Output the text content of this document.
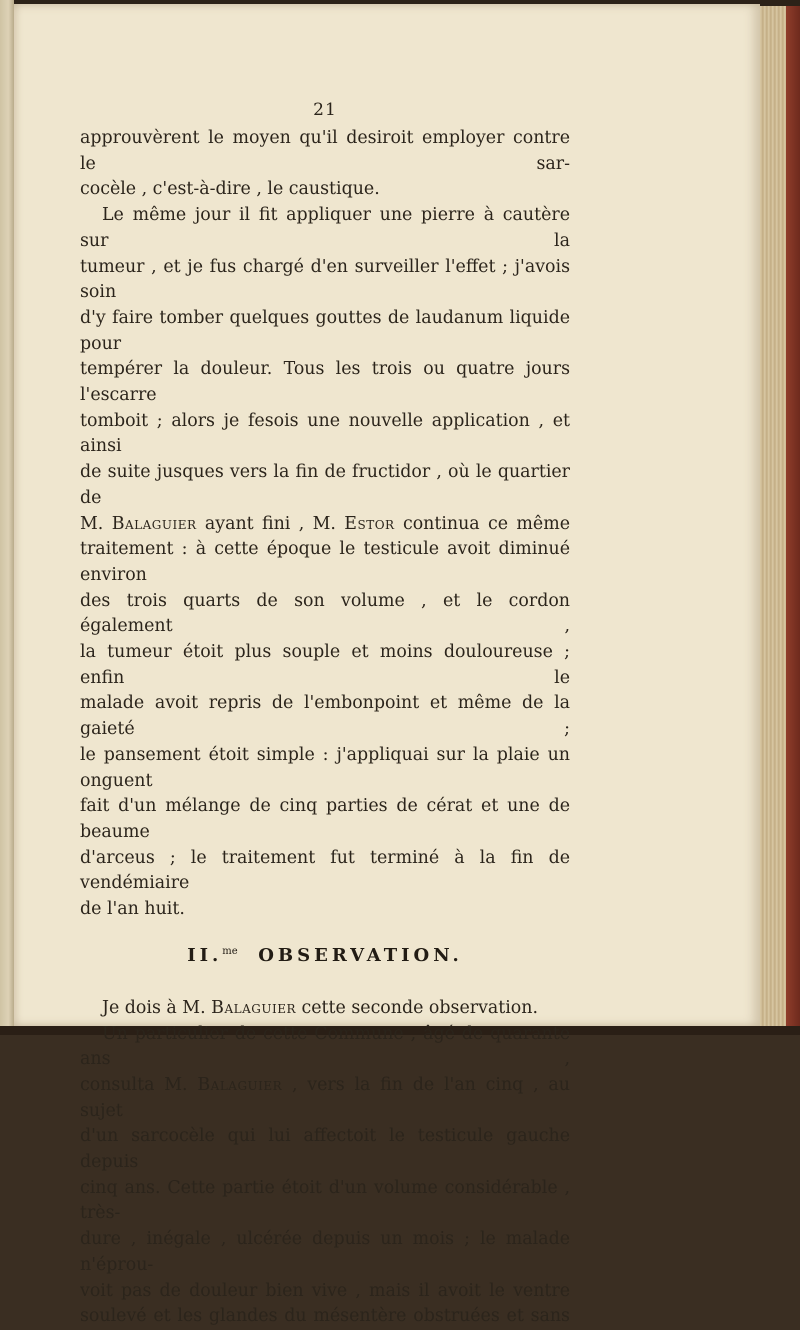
21

approuvèrent le moyen qu'il desiroit employer contre le sar-

cocèle , c'est-à-dire , le caustique.

Le même jour il fit appliquer une pierre à cautère sur la

tumeur , et je fus chargé d'en surveiller l'effet ; j'avois soin

d'y faire tomber quelques gouttes de laudanum liquide pour

tempérer la douleur. Tous les trois ou quatre jours l'escarre

tomboit ; alors je fesois une nouvelle application , et ainsi

de suite jusques vers la fin de fructidor , où le quartier de

M. Balaguier ayant fini , M. Estor continua ce même

traitement : à cette époque le testicule avoit diminué environ

des trois quarts de son volume , et le cordon également ,

la tumeur étoit plus souple et moins douloureuse ; enfin le

malade avoit repris de l'embonpoint et même de la gaieté ;

le pansement étoit simple : j'appliquai sur la plaie un onguent

fait d'un mélange de cinq parties de cérat et une de beaume

d'arceus ; le traitement fut terminé à la fin de vendémiaire

de l'an huit.

II.$^{me}$ OBSERVATION.

Je dois à M. Balaguier cette seconde observation.

Un particulier de cette Commune , âgé de quarante ans ,

consulta M. Balaguier , vers la fin de l'an cinq , au sujet

d'un sarcocèle qui lui affectoit le testicule gauche depuis

cinq ans. Cette partie étoit d'un volume considérable , très-

dure , inégale , ulcérée depuis un mois ; le malade n'éprou-

voit pas de douleur bien vive , mais il avoit le ventre

soulevé et les glandes du mésentère obstruées et sans
